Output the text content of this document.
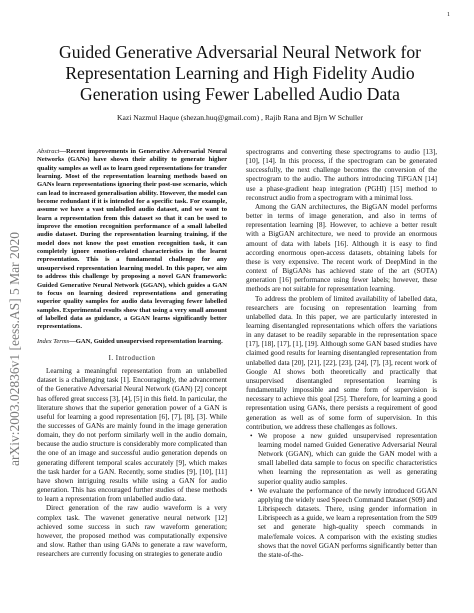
1
arXiv:2003.02836v1 [eess.AS] 5 Mar 2020
Guided Generative Adversarial Neural Network for Representation Learning and High Fidelity Audio Generation using Fewer Labelled Audio Data
Kazi Nazmul Haque (shezan.huq@gmail.com) , Rajib Rana and Bjrn W Schuller
Abstract—Recent improvements in Generative Adversarial Neural Networks (GANs) have shown their ability to generate higher quality samples as well as to learn good representations for transfer learning. Most of the representation learning methods based on GANs learn representations ignoring their post-use scenario, which can lead to increased generalisation ability. However, the model can become redundant if it is intended for a specific task. For example, assume we have a vast unlabelled audio dataset, and we want to learn a representation from this dataset so that it can be used to improve the emotion recognition performance of a small labelled audio dataset. During the representation learning training, if the model does not know the post emotion recognition task, it can completely ignore emotion-related characteristics in the learnt representation. This is a fundamental challenge for any unsupervised representation learning model. In this paper, we aim to address this challenge by proposing a novel GAN framework: Guided Generative Neural Network (GGAN), which guides a GAN to focus on learning desired representations and generating superior quality samples for audio data leveraging fewer labelled samples. Experimental results show that using a very small amount of labelled data as guidance, a GGAN learns significantly better representations.
Index Terms—GAN, Guided unsupervised representation learning.
I. Introduction

Learning a meaningful representation from an unlabelled dataset is a challenging task [1]. Encouragingly, the advancement of the Generative Adversarial Neural Network (GAN) [2] concept has offered great success [3], [4], [5] in this field. In particular, the literature shows that the superior generation power of a GAN is useful for learning a good representation [6], [7], [8], [3]. While the successes of GANs are mainly found in the image generation domain, they do not perform similarly well in the audio domain, because the audio structure is considerably more complicated than the one of an image and successful audio generation depends on generating different temporal scales accurately [9], which makes the task harder for a GAN. Recently, some studies [9], [10], [11] have shown intriguing results while using a GAN for audio generation. This has encouraged further studies of these methods to learn a representation from unlabelled audio data.

Direct generation of the raw audio waveform is a very complex task. The wavenet generative neural network [12] achieved some success in such raw waveform generation; however, the proposed method was computationally expensive and slow. Rather than using GANs to generate a raw waveform, researchers are currently focusing on strategies to generate audio

spectrograms and converting these spectrograms to audio [13], [10], [14]. In this process, if the spectrogram can be generated successfully, the next challenge becomes the conversion of the spectrogram to the audio. The authors introducing TiFGAN [14] use a phase-gradient heap integration (PGHI) [15] method to reconstruct audio from a spectrogram with a minimal loss.

Among the GAN architectures, the BigGAN model performs better in terms of image generation, and also in terms of representation learning [8]. However, to achieve a better result with a BigGAN architecture, we need to provide an enormous amount of data with labels [16]. Although it is easy to find according enormous open-access datasets, obtaining labels for these is very expensive. The recent work of DeepMind in the context of BigGANs has achieved state of the art (SOTA) generation [16] performance using fewer labels; however, these methods are not suitable for representation learning.

To address the problem of limited availability of labelled data, researchers are focusing on representation learning from unlabelled data. In this paper, we are particularly interested in learning disentangled representations which offers the variations in any dataset to be readily separable in the representation space [17], [18], [17], [1], [19]. Although some GAN based studies have claimed good results for learning disentangled representation from unlabelled data [20], [21], [22], [23], [24], [7], [3], recent work of Google AI shows both theoretically and practically that unsupervised disentangled representation learning is fundamentally impossible and some form of supervision is necessary to achieve this goal [25]. Therefore, for learning a good representation using GANs, there persists a requirement of good generation as well as of some form of supervision. In this contribution, we address these challenges as follows.

• We propose a new guided unsupervised representation learning model named Guided Generative Adversarial Neural Network (GGAN), which can guide the GAN model with a small labelled data sample to focus on specific characteristics when learning the representation as well as generating superior quality audio samples.
• We evaluate the performance of the newly introduced GGAN applying the widely used Speech Command Dataset (S09) and Librispeech datasets. There, using gender information in Librispeech as a guide, we learn a representation from the S09 set and generate high-quality speech commands in male/female voices. A comparison with the existing studies shows that the novel GGAN performs significantly better than the state-of-the-
